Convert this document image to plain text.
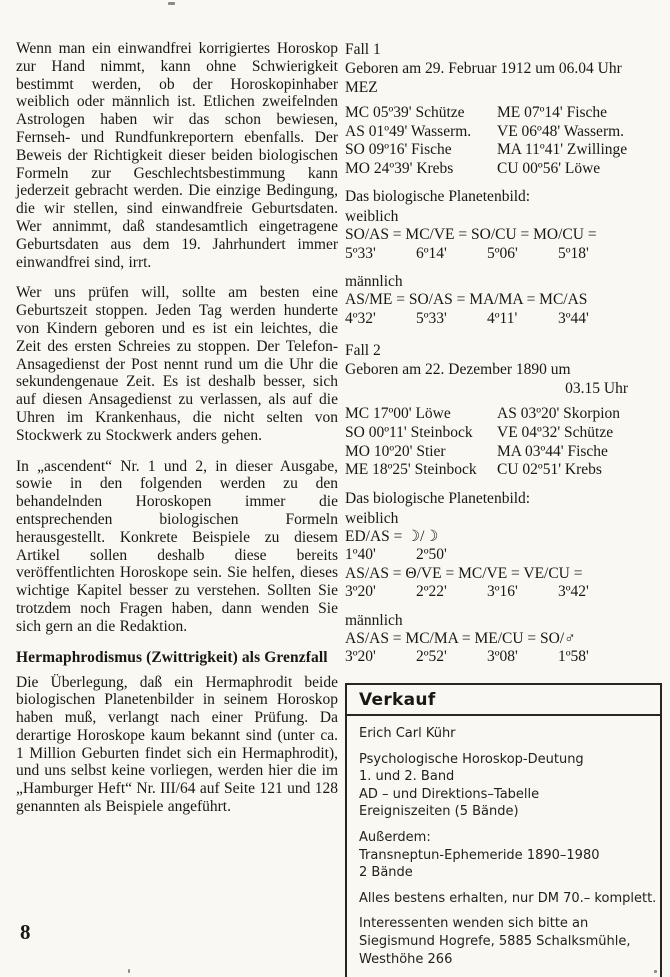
Wenn man ein einwandfrei korrigiertes Horoskop zur Hand nimmt, kann ohne Schwierigkeit bestimmt werden, ob der Horoskopinhaber weiblich oder männlich ist. Etlichen zweifelnden Astrologen haben wir das schon bewiesen, Fernseh- und Rundfunkreportern ebenfalls. Der Beweis der Richtigkeit dieser beiden biologischen Formeln zur Geschlechtsbestimmung kann jederzeit gebracht werden. Die einzige Bedingung, die wir stellen, sind einwandfreie Geburtsdaten. Wer annimmt, daß standesamtlich eingetragene Geburtsdaten aus dem 19. Jahrhundert immer einwandfrei sind, irrt.

Wer uns prüfen will, sollte am besten eine Geburtszeit stoppen. Jeden Tag werden hunderte von Kindern geboren und es ist ein leichtes, die Zeit des ersten Schreies zu stoppen. Der Telefon-Ansagedienst der Post nennt rund um die Uhr die sekundengenaue Zeit. Es ist deshalb besser, sich auf diesen Ansagedienst zu verlassen, als auf die Uhren im Krankenhaus, die nicht selten von Stockwerk zu Stockwerk anders gehen.

In „ascendent“ Nr. 1 und 2, in dieser Ausgabe, sowie in den folgenden werden zu den behandelnden Horoskopen immer die entsprechenden biologischen Formeln herausgestellt. Konkrete Beispiele zu diesem Artikel sollen deshalb diese bereits veröffentlichten Horoskope sein. Sie helfen, dieses wichtige Kapitel besser zu verstehen. Sollten Sie trotzdem noch Fragen haben, dann wenden Sie sich gern an die Redaktion.

Hermaphrodismus (Zwittrigkeit) als Grenzfall

Die Überlegung, daß ein Hermaphrodit beide biologischen Planetenbilder in seinem Horoskop haben muß, verlangt nach einer Prüfung. Da derartige Horoskope kaum bekannt sind (unter ca. 1 Million Geburten findet sich ein Hermaphrodit), und uns selbst keine vorliegen, werden hier die im „Hamburger Heft“ Nr. III/64 auf Seite 121 und 128 genannten als Beispiele angeführt.

Fall 1
Geboren am 29. Februar 1912 um 06.04 Uhr
MEZ
MC 05º39' Schütze	ME 07º14' Fische
AS 01º49' Wasserm.	VE 06º48' Wasserm.
SO 09º16' Fische	MA 11º41' Zwillinge
MO 24º39' Krebs	CU 00º56' Löwe
Das biologische Planetenbild:
weiblich
SO/AS = MC/VE = SO/CU = MO/CU =
5º33'	6º14'	5º06'	5º18'
männlich
AS/ME = SO/AS = MA/MA = MC/AS
4º32'	5º33'	4º11'	3º44'
Fall 2
Geboren am 22. Dezember 1890 um
03.15 Uhr
MC 17º00' Löwe	AS 03º20' Skorpion
SO 00º11' Steinbock	VE 04º32' Schütze
MO 10º20' Stier	MA 03º44' Fische
ME 18º25' Steinbock	CU 02º51' Krebs
Das biologische Planetenbild:
weiblich
ED/AS = ☽/☽
1º40'	2º50'
AS/AS = Θ/VE = MC/VE = VE/CU =
3º20'	2º22'	3º16'	3º42'
männlich
AS/AS = MC/MA = ME/CU = SO/♂
3º20'	2º52'	3º08'	1º58'
Verkauf
Erich Carl Kühr
Psychologische Horoskop-Deutung
1. und 2. Band
AD – und Direktions–Tabelle
Ereigniszeiten (5 Bände)
Außerdem:
Transneptun-Ephemeride 1890–1980
2 Bände
Alles bestens erhalten, nur DM 70.– komplett.
Interessenten wenden sich bitte an
Siegismund Hogrefe, 5885 Schalksmühle,
Westhöhe 266
8
